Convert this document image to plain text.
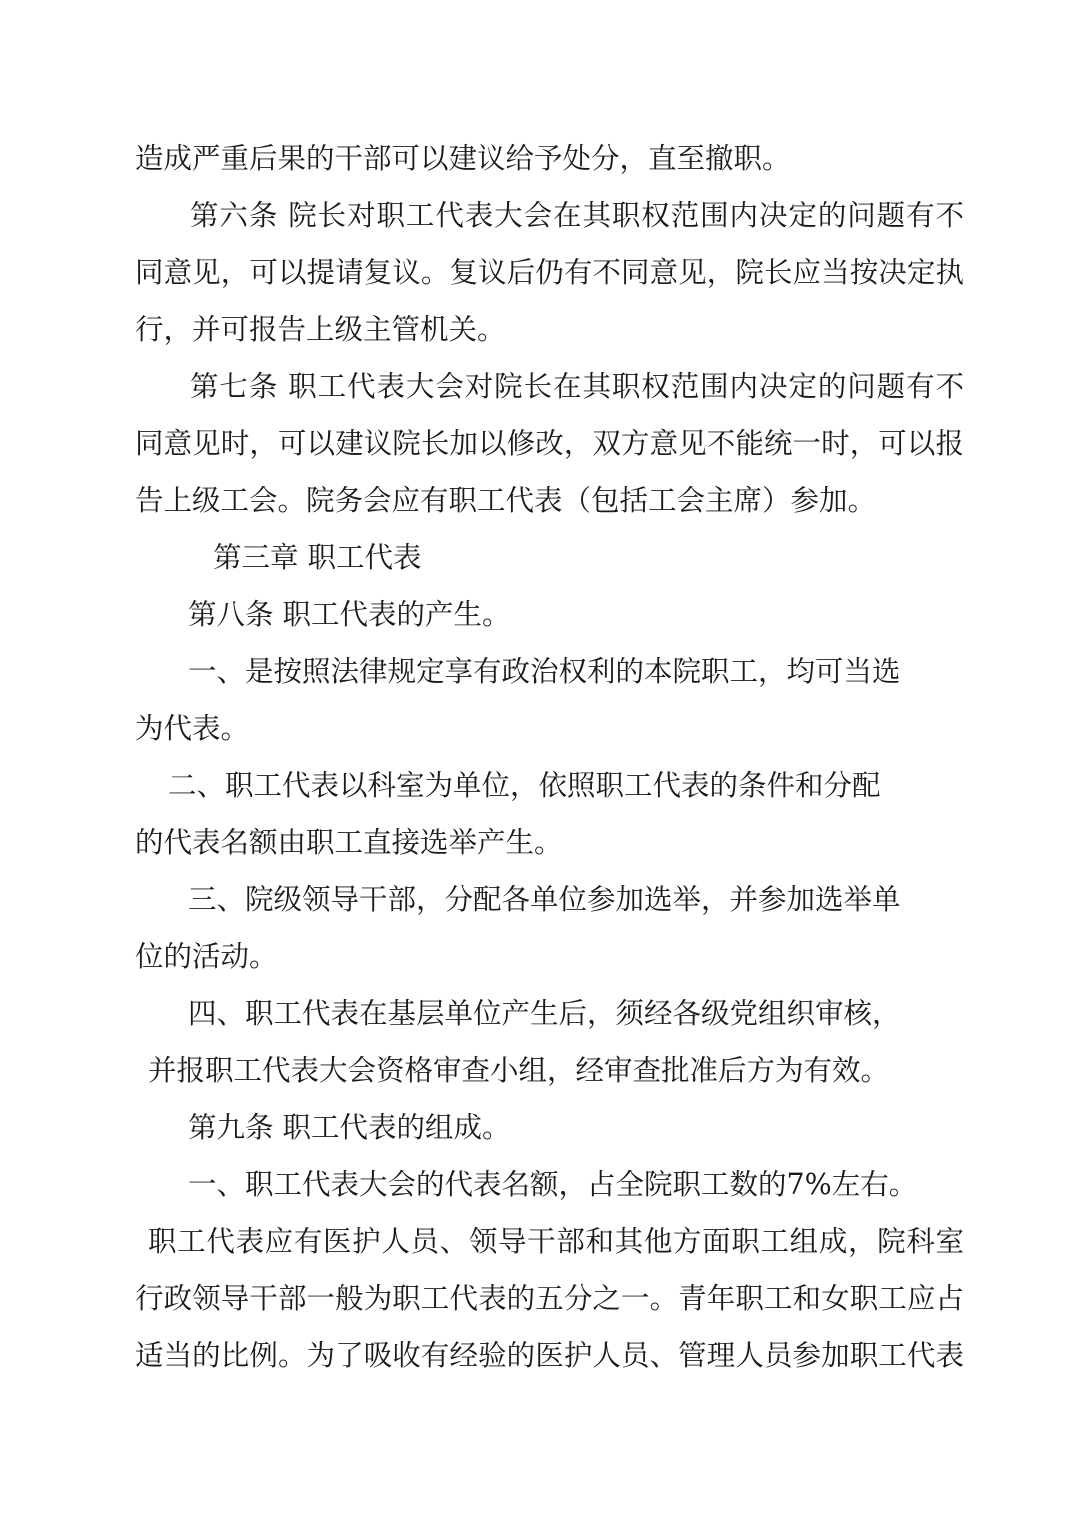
造成严重后果的干部可以建议给予处分，直至撤职。
第六条 院长对职工代表大会在其职权范围内决定的问题有不
同意见，可以提请复议。复议后仍有不同意见，院长应当按决定执
行，并可报告上级主管机关。
第七条 职工代表大会对院长在其职权范围内决定的问题有不
同意见时，可以建议院长加以修改，双方意见不能统一时，可以报
告上级工会。院务会应有职工代表（包括工会主席）参加。
第三章 职工代表
第八条 职工代表的产生。
一、是按照法律规定享有政治权利的本院职工，均可当选
为代表。
二、职工代表以科室为单位，依照职工代表的条件和分配
的代表名额由职工直接选举产生。
三、院级领导干部，分配各单位参加选举，并参加选举单
位的活动。
四、职工代表在基层单位产生后，须经各级党组织审核，
并报职工代表大会资格审查小组，经审查批准后方为有效。
第九条 职工代表的组成。
一、职工代表大会的代表名额，占全院职工数的7%左右。
职工代表应有医护人员、领导干部和其他方面职工组成，院科室
行政领导干部一般为职工代表的五分之一。青年职工和女职工应占
适当的比例。为了吸收有经验的医护人员、管理人员参加职工代表
